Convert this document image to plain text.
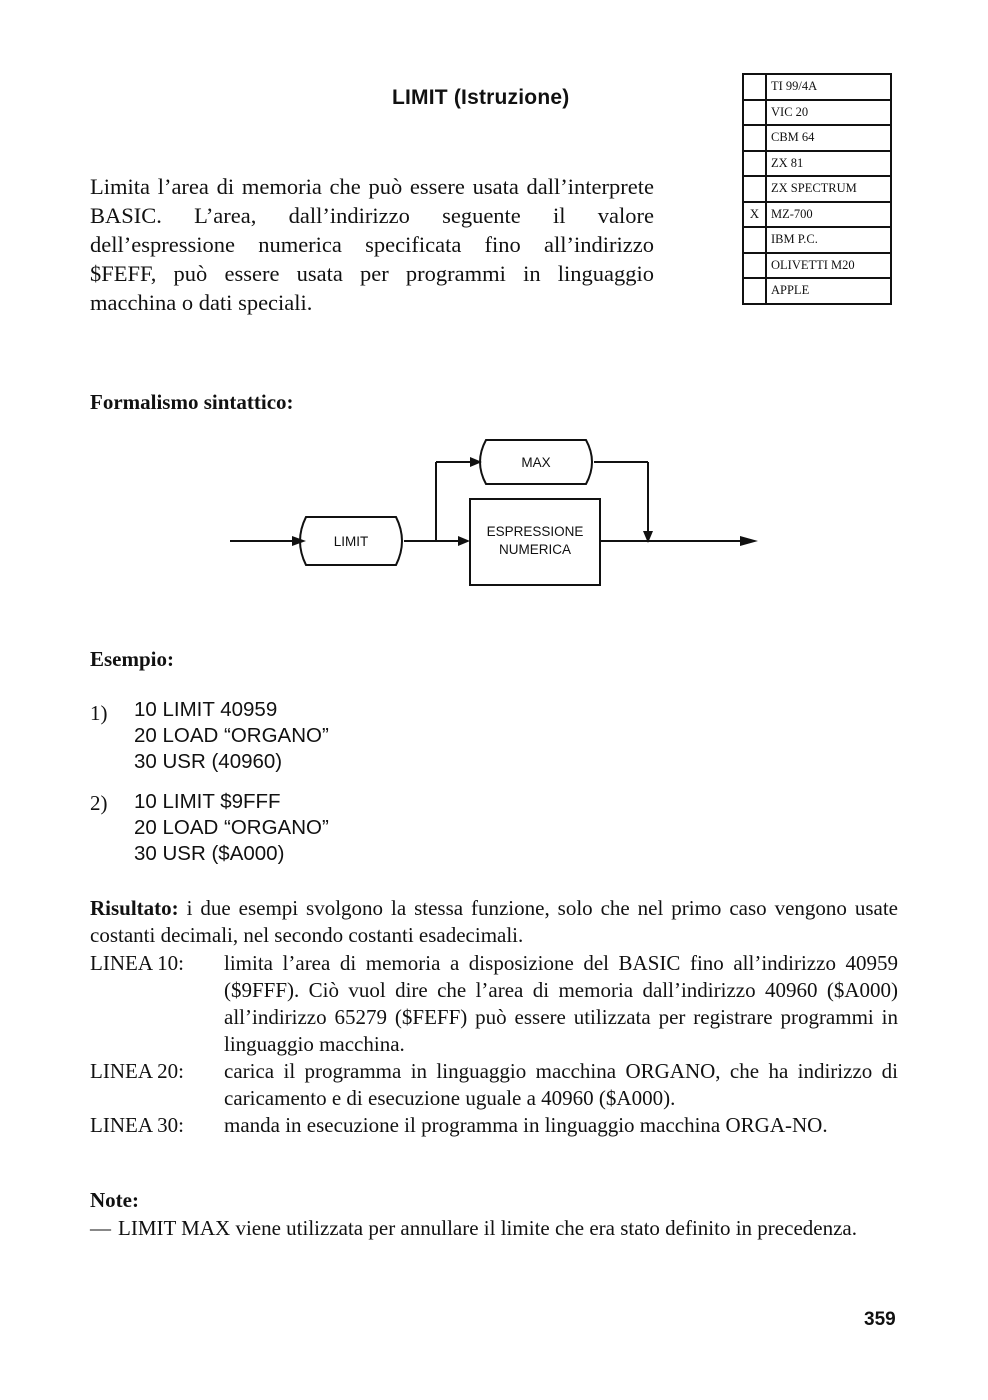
LIMIT (Istruzione)
Limita l’area di memoria che può essere usata dall’interprete BASIC. L’area, dall’indirizzo seguente il valore dell’espressione numerica specificata fino all’indirizzo $FEFF, può essere usata per programmi in linguaggio macchina o dati speciali.
	TI 99/4A
	VIC 20
	CBM 64
	ZX 81
	ZX SPECTRUM
X	MZ-700
	IBM P.C.
	OLIVETTI M20
	APPLE
Formalismo sintattico:
LIMIT
MAX
ESPRESSIONE
NUMERICA
Esempio:
1) 10 LIMIT 40959
20 LOAD “ORGANO”
30 USR (40960)
2) 10 LIMIT $9FFF
20 LOAD “ORGANO”
30 USR ($A000)
Risultato: i due esempi svolgono la stessa funzione, solo che nel primo caso vengono usate costanti decimali, nel secondo costanti esadecimali.
LINEA 10: limita l’area di memoria a disposizione del BASIC fino all’indirizzo 40959 ($9FFF). Ciò vuol dire che l’area di memoria dall’indirizzo 40960 ($A000) all’indirizzo 65279 ($FEFF) può essere utilizzata per registrare programmi in linguaggio macchina.
LINEA 20: carica il programma in linguaggio macchina ORGANO, che ha indirizzo di caricamento e di esecuzione uguale a 40960 ($A000).
LINEA 30: manda in esecuzione il programma in linguaggio macchina ORGA-NO.
Note:
— LIMIT MAX viene utilizzata per annullare il limite che era stato definito in precedenza.
359
